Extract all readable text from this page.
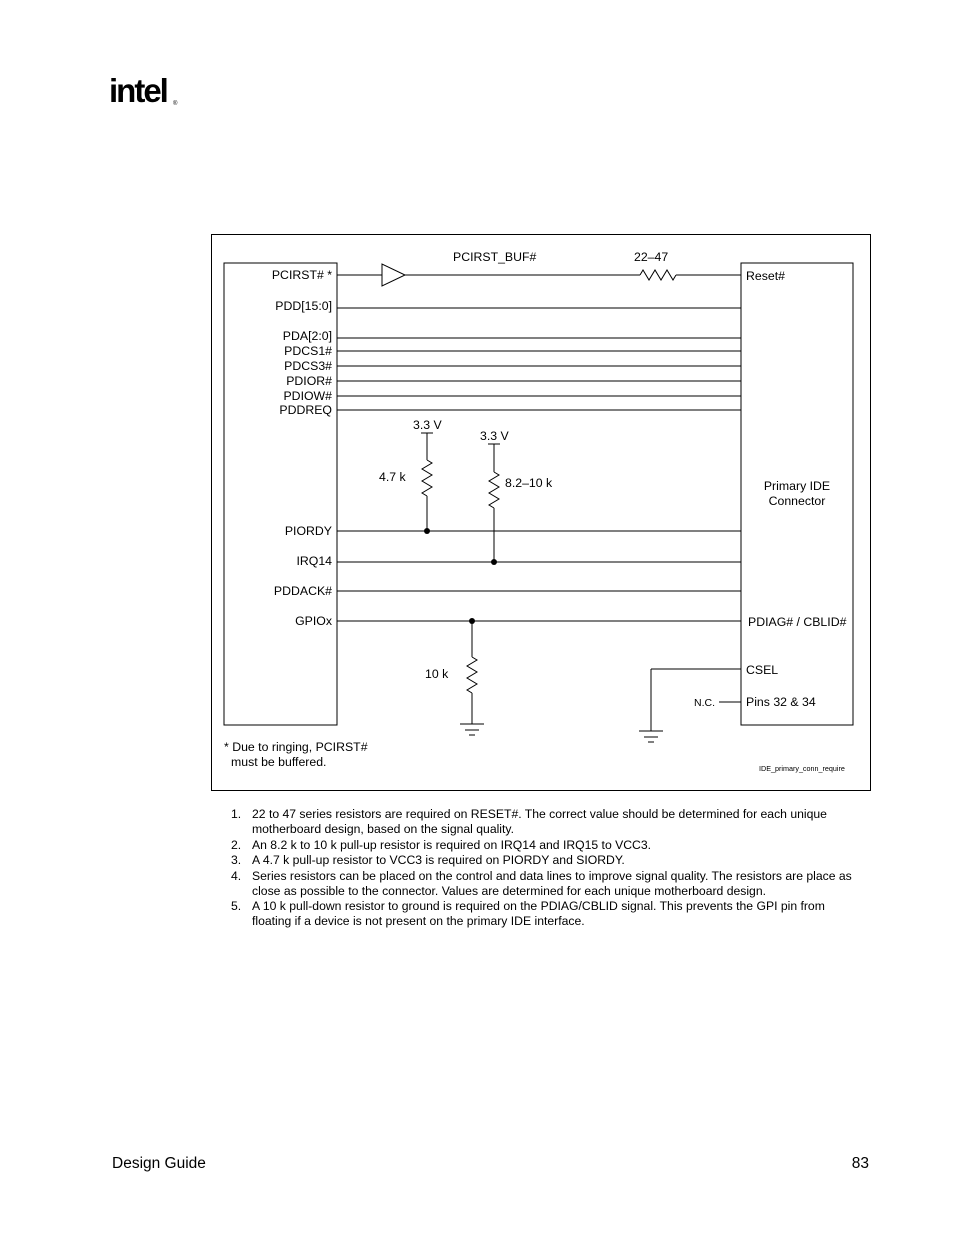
intel ®
PCIRST# *
PDD[15:0]
PDA[2:0]
PDCS1#
PDCS3#
PDIOR#
PDIOW#
PDDREQ
PIORDY
IRQ14
PDDACK#
GPIOx
PCIRST_BUF#	22–47
Reset#
3.3 V
4.7 k
3.3 V
8.2–10 k
10 k
N.C.
Primary IDE
Connector
PDIAG# / CBLID#
CSEL
Pins 32 & 34
* Due to ringing, PCIRST#
must be buffered.	IDE_primary_conn_require
1. 22 to 47 series resistors are required on RESET#. The correct value should be determined for each unique motherboard design, based on the signal quality.
2. An 8.2 k to 10 k pull-up resistor is required on IRQ14 and IRQ15 to VCC3.
3. A 4.7 k pull-up resistor to VCC3 is required on PIORDY and SIORDY.
4. Series resistors can be placed on the control and data lines to improve signal quality. The resistors are place as close as possible to the connector. Values are determined for each unique motherboard design.
5. A 10 k pull-down resistor to ground is required on the PDIAG/CBLID signal. This prevents the GPI pin from floating if a device is not present on the primary IDE interface.
Design Guide	83
